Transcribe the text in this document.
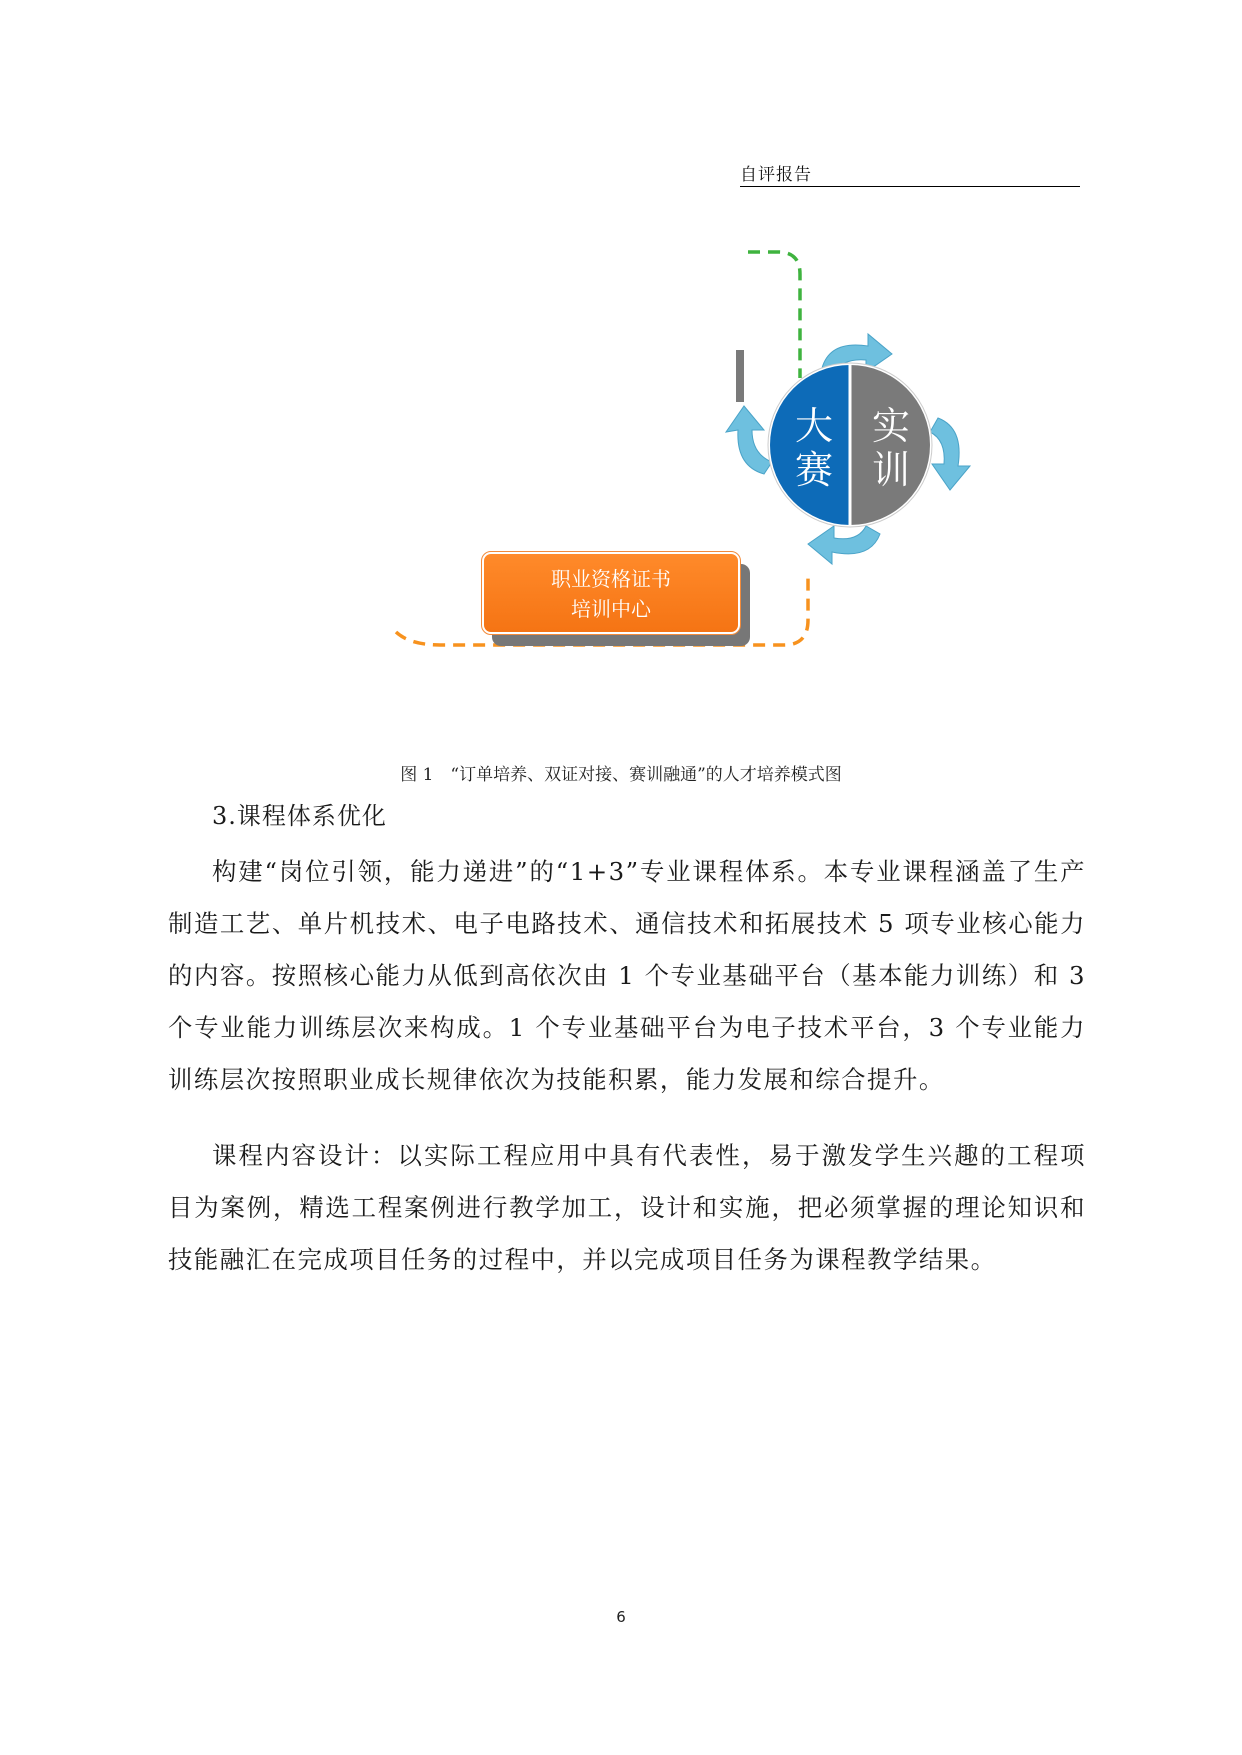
自评报告
大
赛
实
训
职业资格证书
培训中心
图 1　“订单培养、双证对接、赛训融通”的人才培养模式图
3.课程体系优化

构建“岗位引领，能力递进”的“1+3”专业课程体系。本专业课程涵盖了生产制造工艺、单片机技术、电子电路技术、通信技术和拓展技术 5 项专业核心能力的内容。按照核心能力从低到高依次由 1 个专业基础平台（基本能力训练）和 3 个专业能力训练层次来构成。1 个专业基础平台为电子技术平台，3 个专业能力训练层次按照职业成长规律依次为技能积累，能力发展和综合提升。

课程内容设计：以实际工程应用中具有代表性，易于激发学生兴趣的工程项目为案例，精选工程案例进行教学加工，设计和实施，把必须掌握的理论知识和技能融汇在完成项目任务的过程中，并以完成项目任务为课程教学结果。

6
